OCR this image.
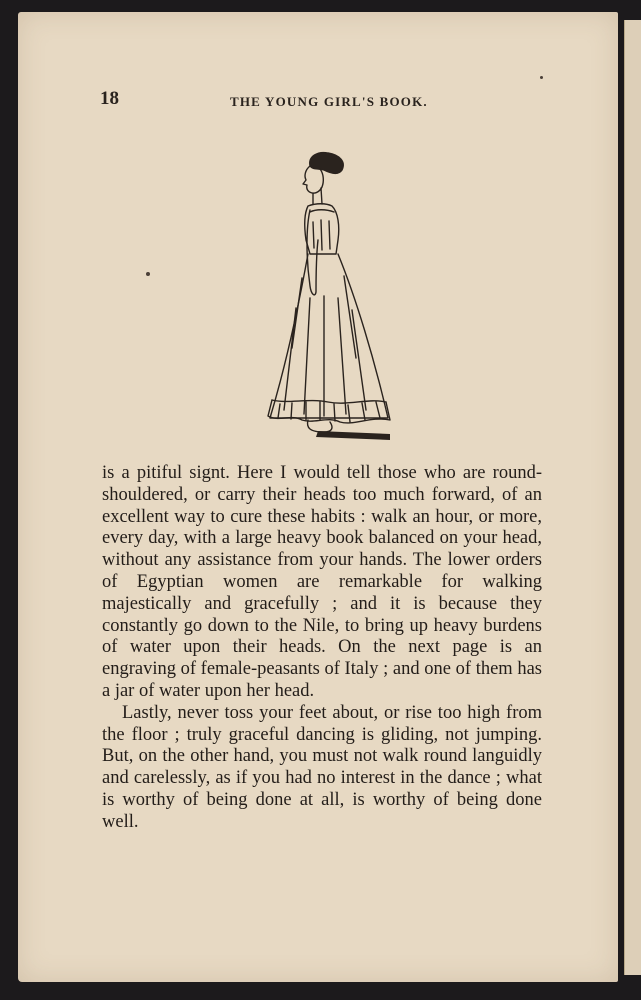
18	THE YOUNG GIRL'S BOOK.

is a pitiful signt. Here I would tell those who are round-shouldered, or carry their heads too much forward, of an excellent way to cure these habits : walk an hour, or more, every day, with a large heavy book balanced on your head, without any assistance from your hands. The lower orders of Egyptian women are remarkable for walking majestically and gracefully ; and it is because they constantly go down to the Nile, to bring up heavy burdens of water upon their heads. On the next page is an engraving of female-peasants of Italy ; and one of them has a jar of water upon her head.

Lastly, never toss your feet about, or rise too high from the floor ; truly graceful dancing is gliding, not jumping. But, on the other hand, you must not walk round languidly and carelessly, as if you had no interest in the dance ; what is worthy of being done at all, is worthy of being done well.
